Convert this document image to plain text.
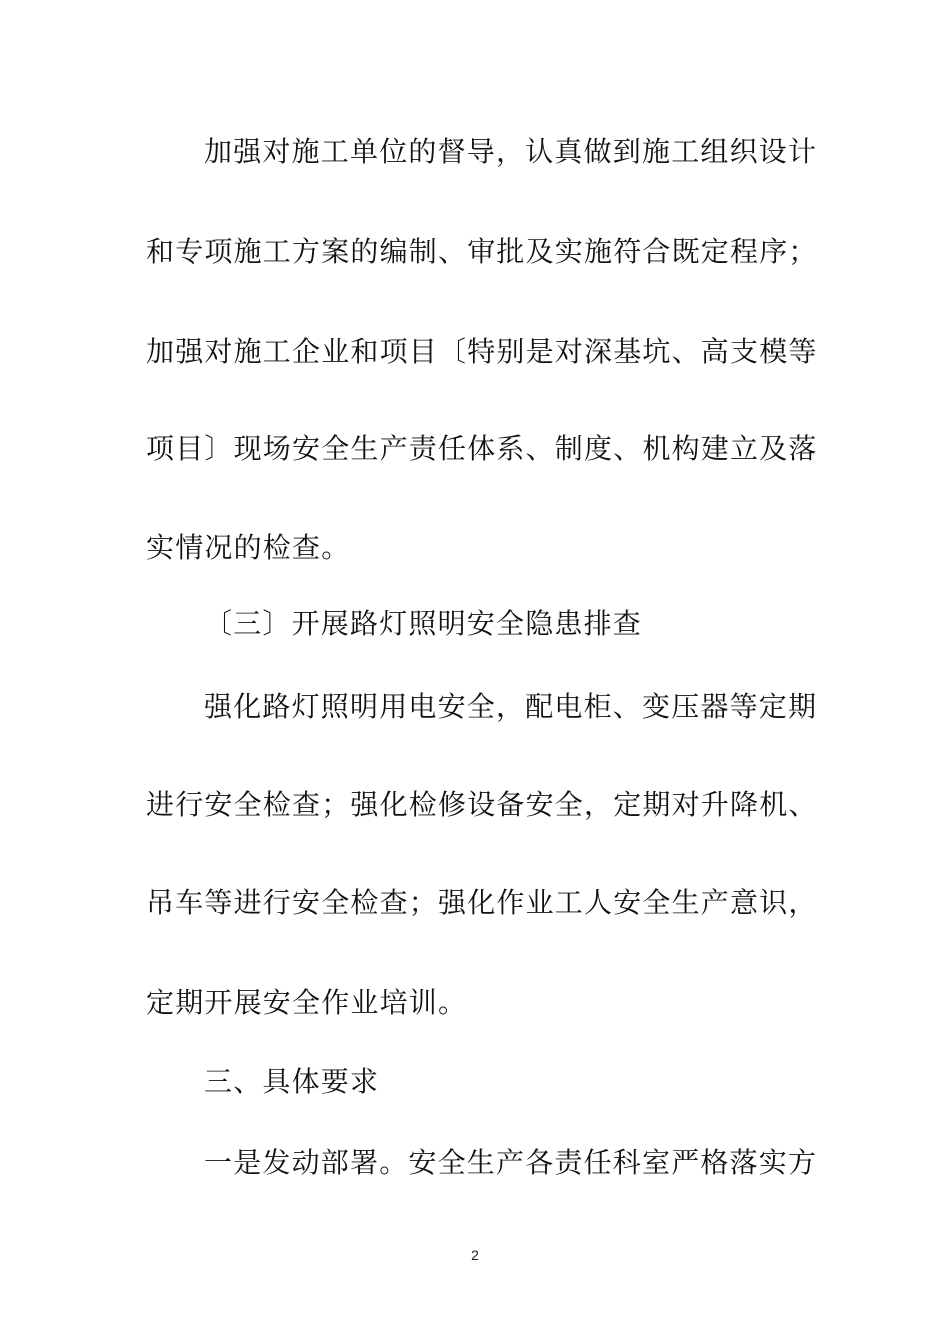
加强对施工单位的督导，认真做到施工组织设计
和专项施工方案的编制、审批及实施符合既定程序；
加强对施工企业和项目〔特别是对深基坑、高支模等
项目〕现场安全生产责任体系、制度、机构建立及落
实情况的检查。
〔三〕开展路灯照明安全隐患排查
强化路灯照明用电安全，配电柜、变压器等定期
进行安全检查；强化检修设备安全，定期对升降机、
吊车等进行安全检查；强化作业工人安全生产意识，
定期开展安全作业培训。
三、具体要求
一是发动部署。安全生产各责任科室严格落实方
2
